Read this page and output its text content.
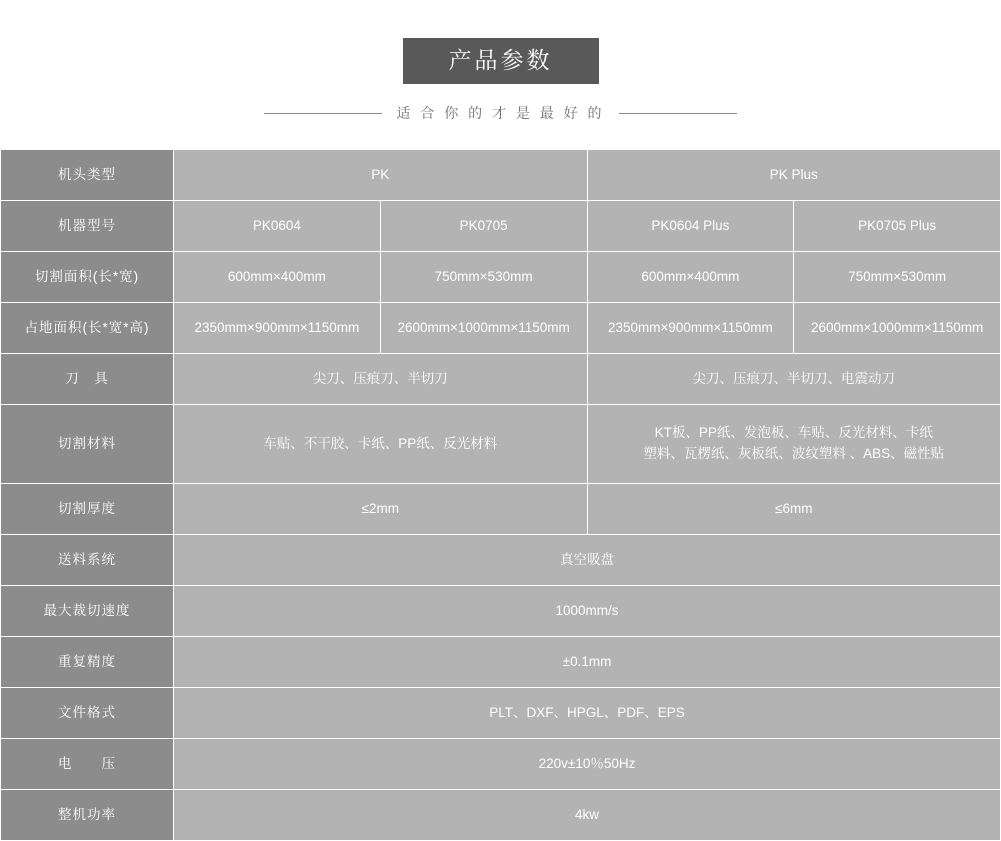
产品参数
适 合 你 的 才 是 最 好 的
机头类型	PK		PK Plus	
机器型号	PK0604	PK0705	PK0604 Plus	PK0705 Plus
切割面积(长*宽)	600mm×400mm	750mm×530mm	600mm×400mm	750mm×530mm
占地面积(长*宽*高)	2350mm×900mm×1150mm	2600mm×1000mm×1150mm	2350mm×900mm×1150mm	2600mm×1000mm×1150mm
刀　具	尖刀、压痕刀、半切刀		尖刀、压痕刀、半切刀、电震动刀	
切割材料	车贴、不干胶、卡纸、PP纸、反光材料		KT板、PP纸、发泡板、车贴、反光材料、卡纸
塑料、瓦楞纸、灰板纸、波纹塑料 、ABS、磁性贴	
切割厚度	≤2mm		≤6mm	
送料系统	真空吸盘			
最大裁切速度	1000mm/s			
重复精度	±0.1mm			
文件格式	PLT、DXF、HPGL、PDF、EPS			
电　　压	220v±10％50Hz			
整机功率	4kw			
